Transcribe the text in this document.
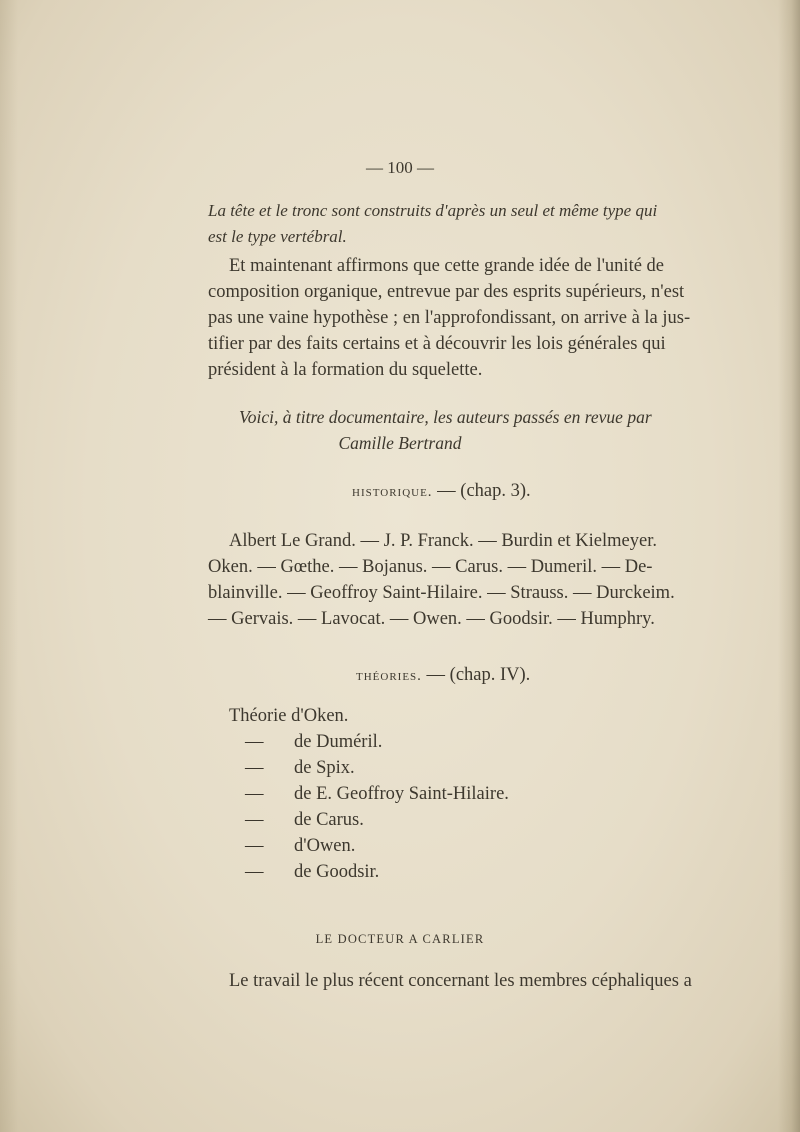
— 100 —
La tête et le tronc sont construits d'après un seul et même type qui
est le type vertébral.
Et maintenant affirmons que cette grande idée de l'unité de
composition organique, entrevue par des esprits supérieurs, n'est
pas une vaine hypothèse ; en l'approfondissant, on arrive à la jus-
tifier par des faits certains et à découvrir les lois générales qui
président à la formation du squelette.
Voici, à titre documentaire, les auteurs passés en revue par
Camille Bertrand
historique. — (chap. 3).
Albert Le Grand. — J. P. Franck. — Burdin et Kielmeyer.
Oken. — Gœthe. — Bojanus. — Carus. — Dumeril. — De-
blainville. — Geoffroy Saint-Hilaire. — Strauss. — Durckeim.
— Gervais. — Lavocat. — Owen. — Goodsir. — Humphry.
théories. — (chap. IV).
Théorie d'Oken.
— de Duméril.
— de Spix.
— de E. Geoffroy Saint-Hilaire.
— de Carus.
— d'Owen.
— de Goodsir.
LE DOCTEUR A CARLIER
Le travail le plus récent concernant les membres céphaliques a
